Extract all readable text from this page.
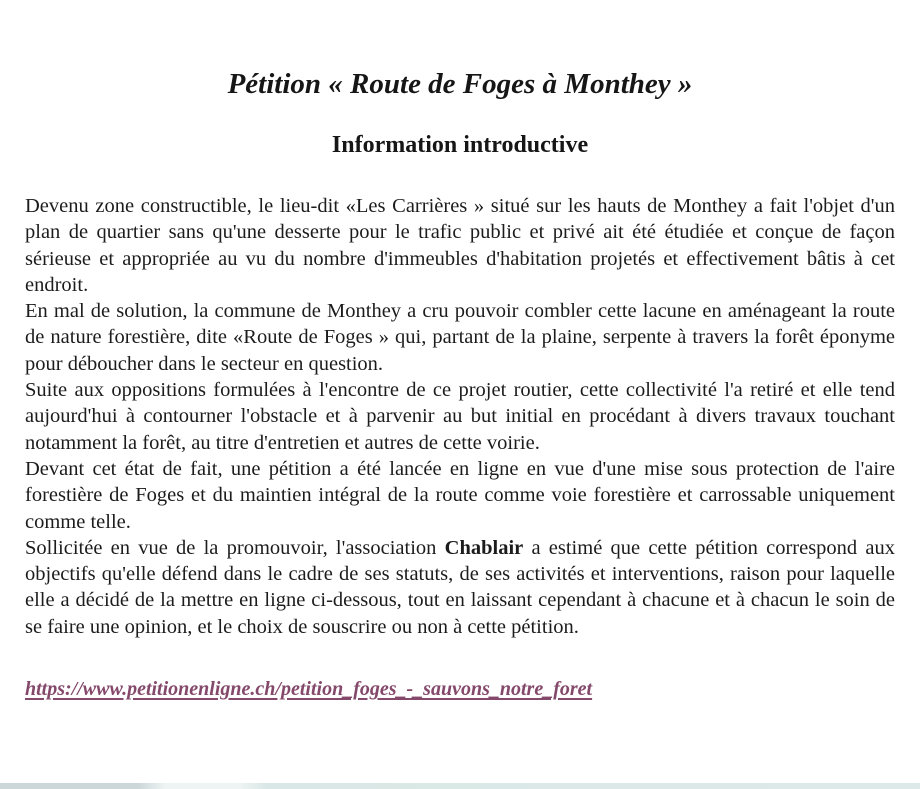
Pétition « Route de Foges à Monthey »
Information introductive

Devenu zone constructible, le lieu-dit «Les Carrières » situé sur les hauts de Monthey a fait l'objet d'un plan de quartier sans qu'une desserte pour le trafic public et privé ait été étudiée et conçue de façon sérieuse et appropriée au vu du nombre d'immeubles d'habitation projetés et effectivement bâtis à cet endroit.

En mal de solution, la commune de Monthey a cru pouvoir combler cette lacune en aménageant la route de nature forestière, dite «Route de Foges » qui, partant de la plaine, serpente à travers la forêt éponyme pour déboucher dans le secteur en question.

Suite aux oppositions formulées à l'encontre de ce projet routier, cette collectivité l'a retiré et elle tend aujourd'hui à contourner l'obstacle et à parvenir au but initial en procédant à divers travaux touchant notamment la forêt, au titre d'entretien et autres de cette voirie.

Devant cet état de fait, une pétition a été lancée en ligne en vue d'une mise sous protection de l'aire forestière de Foges et du maintien intégral de la route comme voie forestière et carrossable uniquement comme telle.

Sollicitée en vue de la promouvoir, l'association Chablair a estimé que cette pétition correspond aux objectifs qu'elle défend dans le cadre de ses statuts, de ses activités et interventions, raison pour laquelle elle a décidé de la mettre en ligne ci-dessous, tout en laissant cependant à chacune et à chacun le soin de se faire une opinion, et le choix de souscrire ou non à cette pétition.

https://www.petitionenligne.ch/petition_foges_-_sauvons_notre_foret
